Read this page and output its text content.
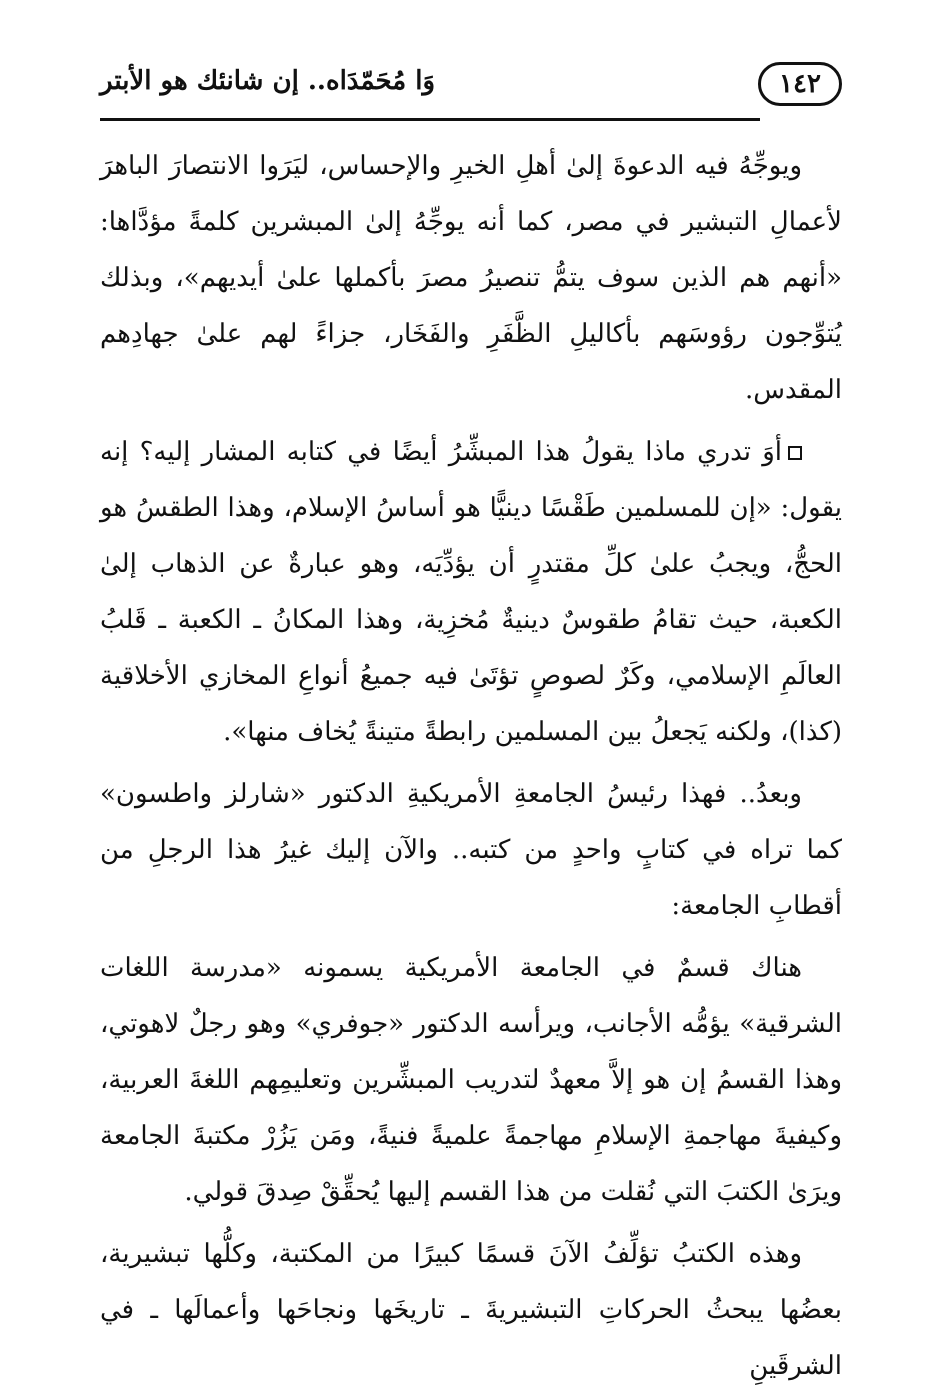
١٤٢
وَا مُحَمّدَاه.. إن شانئك هو الأبتر

ويوجِّهُ فيه الدعوةَ إلىٰ أهلِ الخيرِ والإحساس، ليَرَوا الانتصارَ الباهرَ لأعمالِ التبشير في مصر، كما أنه يوجِّهُ إلىٰ المبشرين كلمةً مؤدَّاها: «أنهم هم الذين سوف يتمُّ تنصيرُ مصرَ بأكملها علىٰ أيديهم»، وبذلك يُتوِّجون رؤوسَهم بأكاليلِ الظَّفَرِ والفَخَار، جزاءً لهم علىٰ جهادِهم المقدس.

أوَ تدري ماذا يقولُ هذا المبشِّرُ أيضًا في كتابه المشار إليه؟ إنه يقول: «إن للمسلمين طَقْسًا دينيًّا هو أساسُ الإسلام، وهذا الطقسُ هو الحجُّ، ويجبُ علىٰ كلِّ مقتدرٍ أن يؤدِّيَه، وهو عبارةٌ عن الذهاب إلىٰ الكعبة، حيث تقامُ طقوسٌ دينيةٌ مُخزِية، وهذا المكانُ ـ الكعبة ـ قَلبُ العالَمِ الإسلامي، وكَرٌ لصوصٍ تؤتَىٰ فيه جميعُ أنواعِ المخازي الأخلاقية (كذا)، ولكنه يَجعلُ بين المسلمين رابطةً متينةً يُخاف منها».

وبعدُ.. فهذا رئيسُ الجامعةِ الأمريكيةِ الدكتور «شارلز واطسون» كما تراه في كتابٍ واحدٍ من كتبه.. والآن إليك غيرُ هذا الرجلِ من أقطابِ الجامعة:

هناك قسمٌ في الجامعة الأمريكية يسمونه «مدرسة اللغات الشرقية» يؤمُّه الأجانب، ويرأسه الدكتور «جوفري» وهو رجلٌ لاهوتي، وهذا القسمُ إن هو إلاَّ معهدٌ لتدريب المبشِّرين وتعليمِهم اللغةَ العربية، وكيفيةَ مهاجمةِ الإسلامِ مهاجمةً علميةً فنيةً، ومَن يَزُرْ مكتبةَ الجامعة ويرَىٰ الكتبَ التي نُقلت من هذا القسم إليها يُحقِّقْ صِدقَ قولي.

وهذه الكتبُ تؤلِّفُ الآنَ قسمًا كبيرًا من المكتبة، وكلُّها تبشيرية، بعضُها يبحثُ الحركاتِ التبشيريةَ ـ تاريخَها ونجاحَها وأعمالَها ـ في الشرقَينِ
